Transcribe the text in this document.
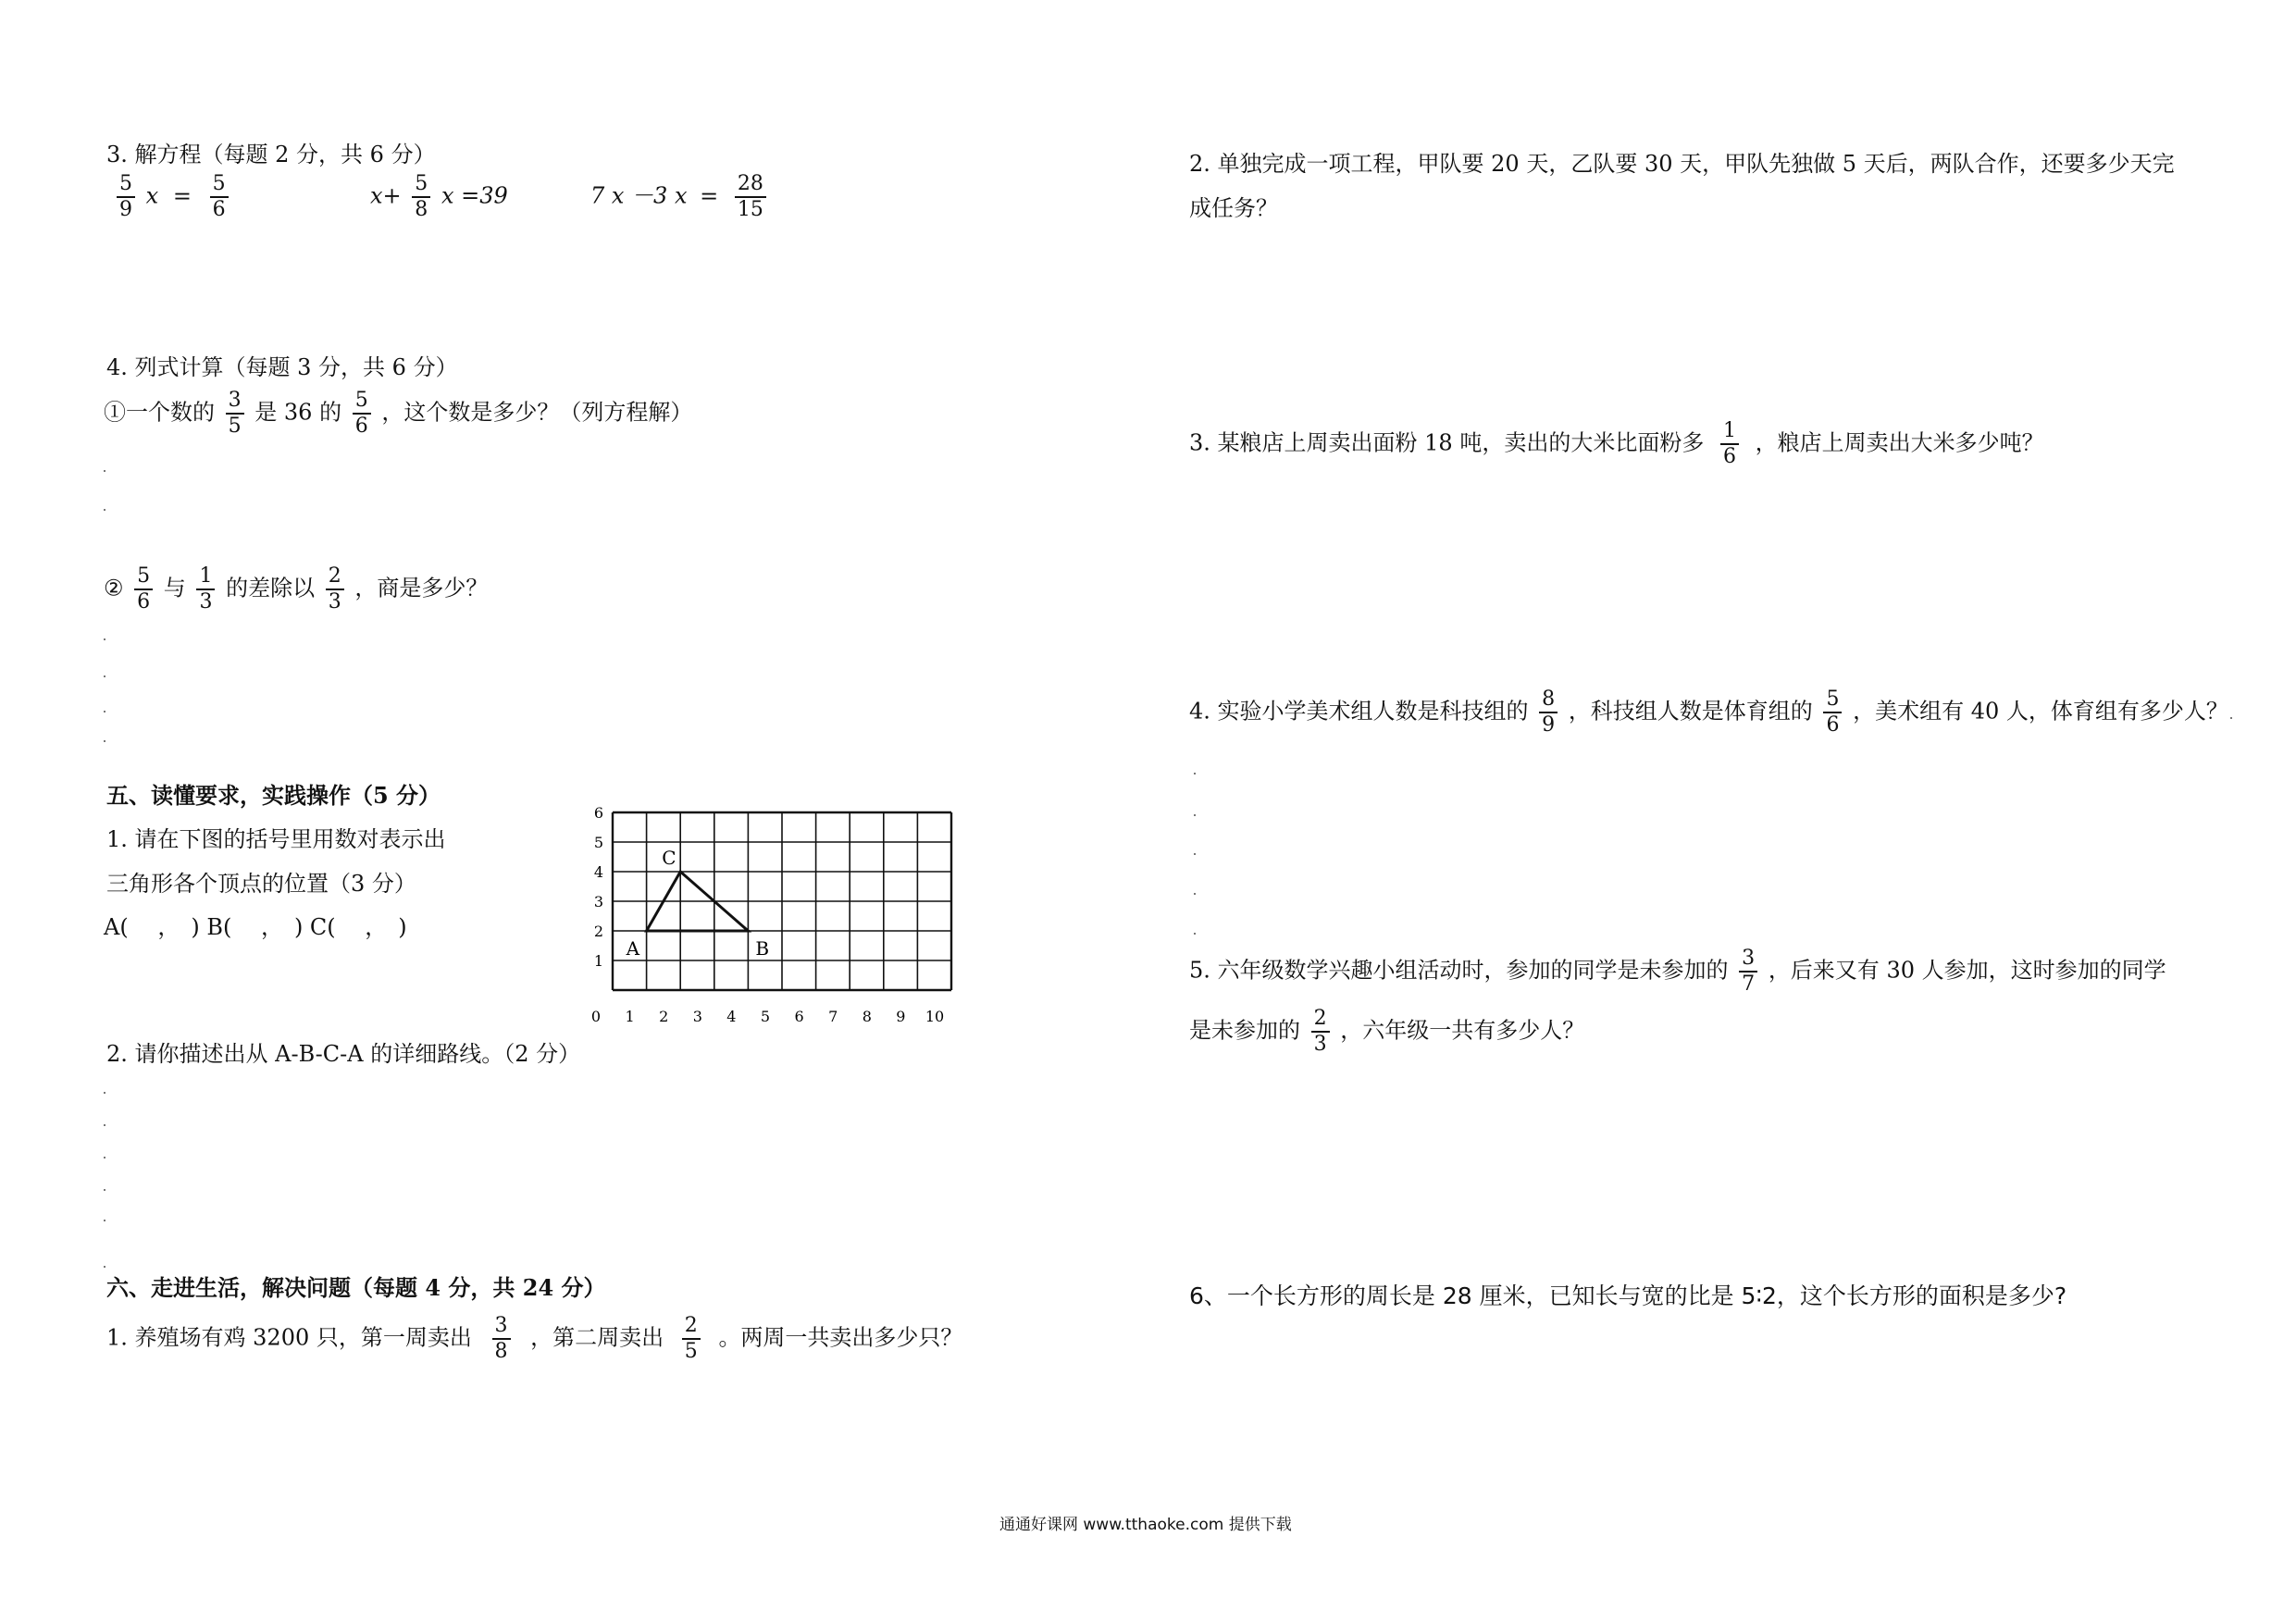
3. 解方程（每题 2 分，共 6 分）
$\frac{5}{9}$ $x = \frac{5}{6}$	$x+ \frac{5}{8}$ x =39	7 x －3 $x = \frac{28}{15}$
4. 列式计算（每题 3 分，共 6 分）
①一个数的 $\frac{3}{5}$ 是 36 的 $\frac{5}{6}$ ，这个数是多少？（列方程解）
② $\frac{5}{6}$ 与 $\frac{1}{3}$ 的差除以 $\frac{2}{3}$ ，商是多少？
五、读懂要求，实践操作（5 分）
1. 请在下图的括号里用数对表示出
三角形各个顶点的位置（3 分）
A(　 ，　) B(　 ，　) C(　 ，　)
2. 请你描述出从 A-B-C-A 的详细路线。（2 分）
0 1 2 3 4 5 6 7 8 9 10
1
2
3
4
5
6
A	B
C
六、走进生活，解决问题（每题 4 分，共 24 分）
1. 养殖场有鸡 3200 只，第一周卖出 $\frac{3}{8}$ ，第二周卖出 $\frac{2}{5}$ 。两周一共卖出多少只？
2. 单独完成一项工程，甲队要 20 天，乙队要 30 天，甲队先独做 5 天后，两队合作，还要多少天完
成任务？
3. 某粮店上周卖出面粉 18 吨，卖出的大米比面粉多 $\frac{1}{6}$ ，粮店上周卖出大米多少吨？
4. 实验小学美术组人数是科技组的 $\frac{8}{9}$ ，科技组人数是体育组的 $\frac{5}{6}$ ，美术组有 40 人，体育组有多少人？
5. 六年级数学兴趣小组活动时，参加的同学是未参加的 $\frac{3}{7}$ ，后来又有 30 人参加，这时参加的同学
是未参加的 $\frac{2}{3}$ ，六年级一共有多少人？
6、一个长方形的周长是 28 厘米，已知长与宽的比是 5∶2，这个长方形的面积是多少?
通通好课网 www.tthaoke.com 提供下载
